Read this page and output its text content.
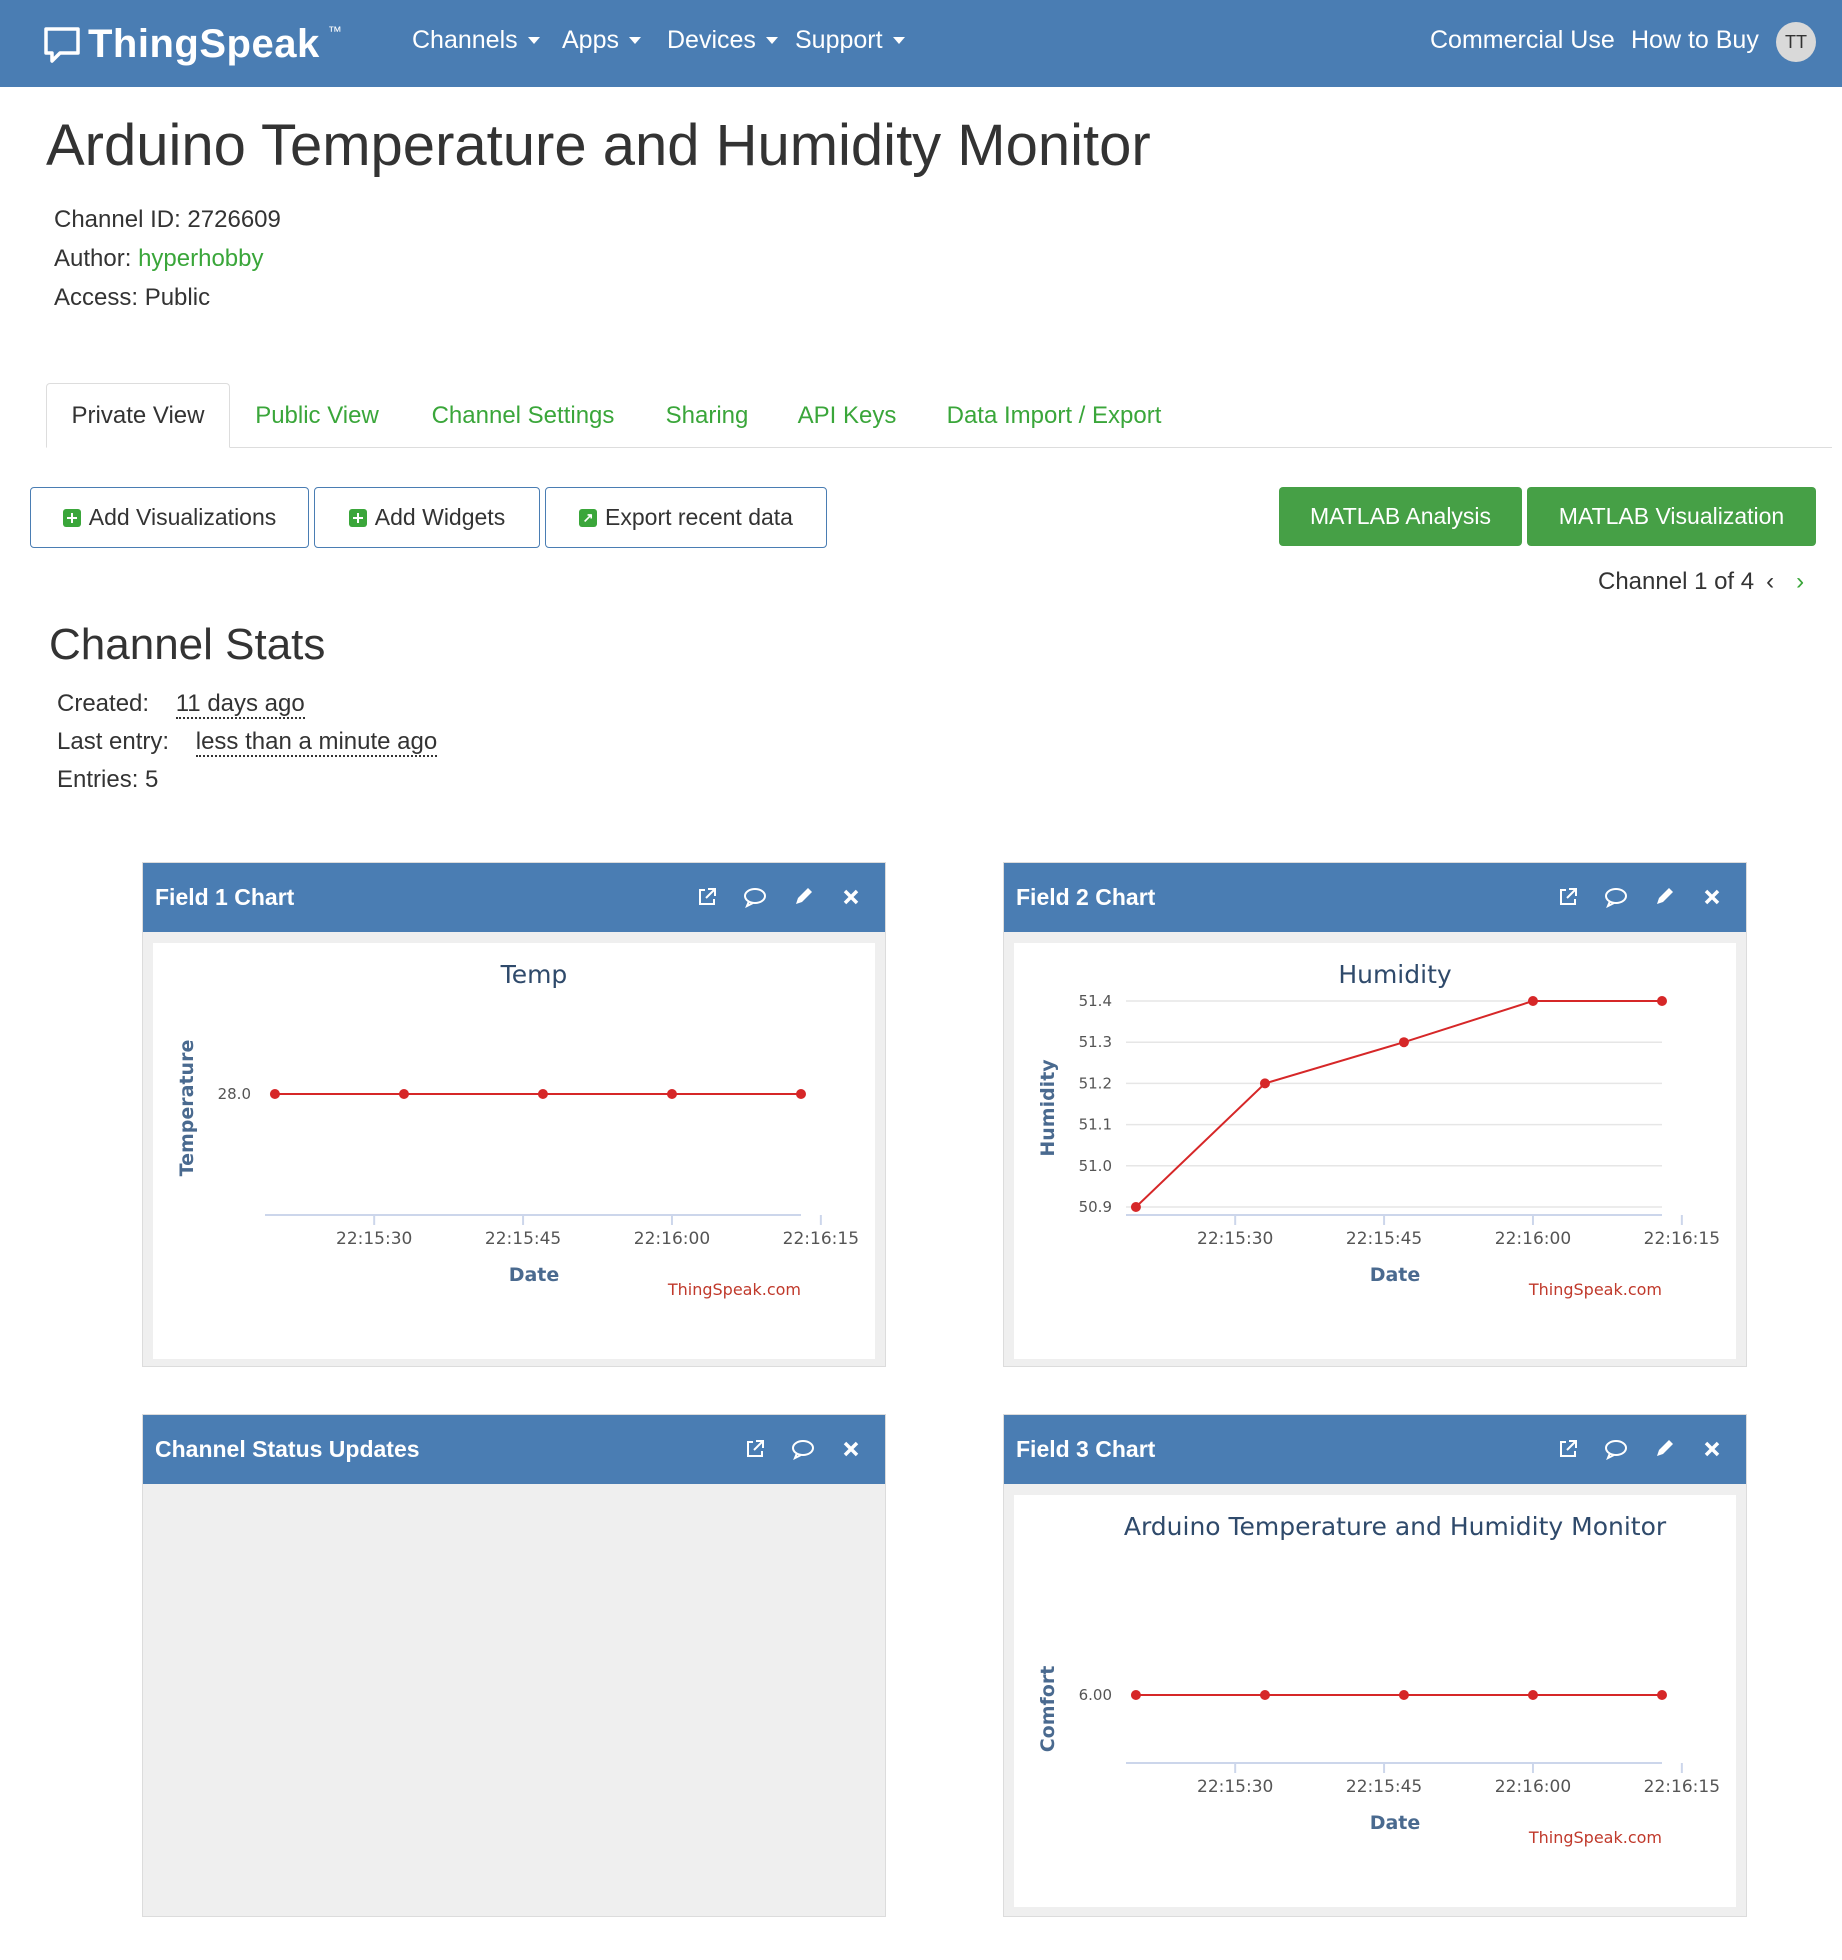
ThingSpeak ™	Channels Apps Devices Support	Commercial Use How to Buy	TT
Arduino Temperature and Humidity Monitor
Channel ID: 2726609
Author: hyperhobby
Access: Public
Private View	Public View	Channel Settings	Sharing	API Keys	Data Import / Export
Add Visualizations	Add Widgets	↗ Export recent data	MATLAB Analysis	MATLAB Visualization
Channel 1 of 4 ‹ ›
Channel Stats
Created: 11 days ago
Last entry: less than a minute ago
Entries: 5
Field 1 Chart
Temp
28.0
22:15:30	22:15:45	22:16:00	22:16:15
Date
Temperature
ThingSpeak.com
Field 2 Chart
Humidity
51.4
51.3
51.2
51.1
51.0
50.9
22:15:30	22:15:45	22:16:00	22:16:15
Date
Humidity
ThingSpeak.com
Channel Status Updates	Field 3 Chart
Arduino Temperature and Humidity Monitor
6.00
22:15:30	22:15:45	22:16:00	22:16:15
Date
Comfort
ThingSpeak.com
